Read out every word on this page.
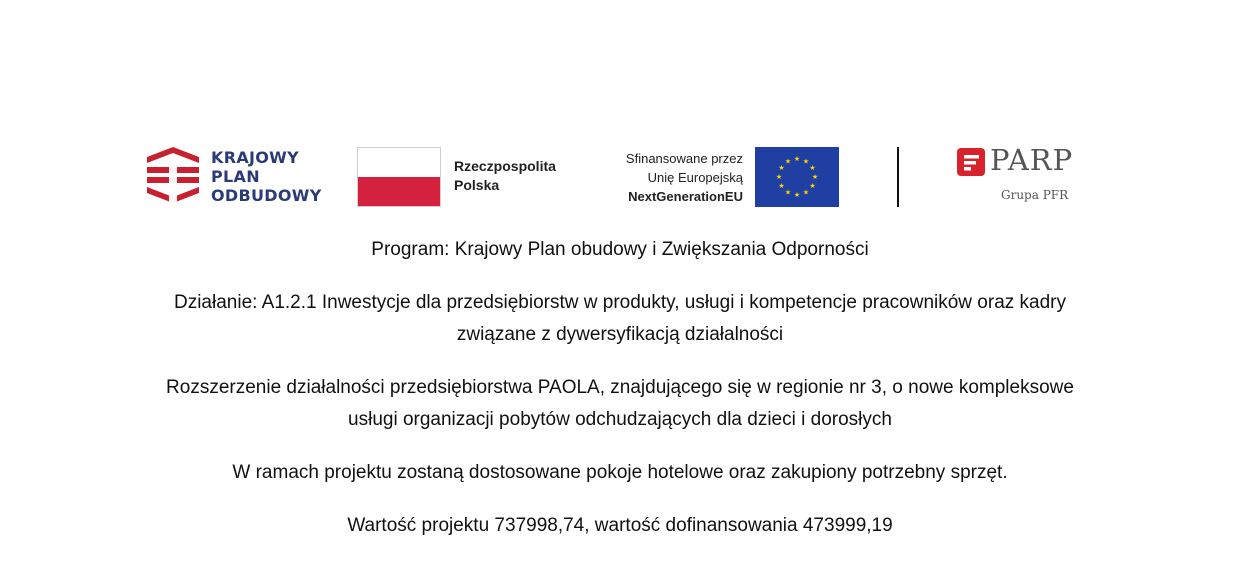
KRAJOWY
PLAN
ODBUDOWY
Rzeczpospolita
Polska
Sfinansowane przez
Unię Europejską
NextGenerationEU
★ ★
★
★
★
★
★
★
★
★
★
★	PARP
Grupa PFR

Program: Krajowy Plan obudowy i Zwiększania Odporności

Działanie: A1.2.1 Inwestycje dla przedsiębiorstw w produkty, usługi i kompetencje pracowników oraz kadry związane z dywersyfikacją działalności

Rozszerzenie działalności przedsiębiorstwa PAOLA, znajdującego się w regionie nr 3, o nowe kompleksowe usługi organizacji pobytów odchudzających dla dzieci i dorosłych

W ramach projektu zostaną dostosowane pokoje hotelowe oraz zakupiony potrzebny sprzęt.

Wartość projektu 737998,74, wartość dofinansowania 473999,19
